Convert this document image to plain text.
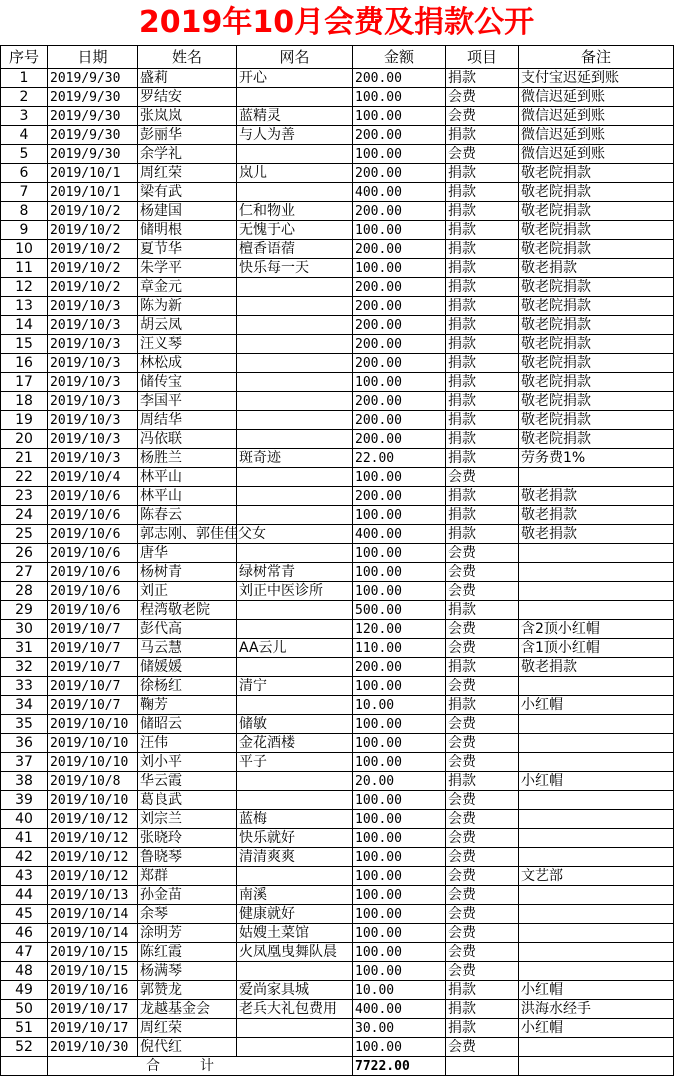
2019年10月会费及捐款公开
序号	日期	姓名	网名	金额	项目	备注
1	2019/9/30	盛莉	开心	200.00	捐款	支付宝迟延到账
2	2019/9/30	罗结安		100.00	会费	微信迟延到账
3	2019/9/30	张岚岚	蓝精灵	100.00	会费	微信迟延到账
4	2019/9/30	彭丽华	与人为善	200.00	捐款	微信迟延到账
5	2019/9/30	余学礼		100.00	会费	微信迟延到账
6	2019/10/1	周红荣	岚儿	200.00	捐款	敬老院捐款
7	2019/10/1	梁有武		400.00	捐款	敬老院捐款
8	2019/10/2	杨建国	仁和物业	200.00	捐款	敬老院捐款
9	2019/10/2	储明根	无愧于心	100.00	捐款	敬老院捐款
10	2019/10/2	夏节华	檀香语蓿	200.00	捐款	敬老院捐款
11	2019/10/2	朱学平	快乐每一天	100.00	捐款	敬老捐款
12	2019/10/2	章金元		200.00	捐款	敬老院捐款
13	2019/10/3	陈为新		200.00	捐款	敬老院捐款
14	2019/10/3	胡云凤		200.00	捐款	敬老院捐款
15	2019/10/3	汪义琴		200.00	捐款	敬老院捐款
16	2019/10/3	林松成		200.00	捐款	敬老院捐款
17	2019/10/3	储传宝		100.00	捐款	敬老院捐款
18	2019/10/3	李国平		200.00	捐款	敬老院捐款
19	2019/10/3	周结华		200.00	捐款	敬老院捐款
20	2019/10/3	冯依联		200.00	捐款	敬老院捐款
21	2019/10/3	杨胜兰	斑奇迹	22.00	捐款	劳务费1%
22	2019/10/4	林平山		100.00	会费	
23	2019/10/6	林平山		200.00	捐款	敬老捐款
24	2019/10/6	陈春云		100.00	捐款	敬老捐款
25	2019/10/6	郭志刚、郭佳佳父女		400.00	捐款	敬老捐款
26	2019/10/6	唐华		100.00	会费	
27	2019/10/6	杨树青	绿树常青	100.00	会费	
28	2019/10/6	刘正	刘正中医诊所	100.00	会费	
29	2019/10/6	程湾敬老院		500.00	捐款	
30	2019/10/7	彭代高		120.00	会费	含2顶小红帽
31	2019/10/7	马云慧	AA云儿	110.00	会费	含1顶小红帽
32	2019/10/7	储媛媛		200.00	捐款	敬老捐款
33	2019/10/7	徐杨红	清宁	100.00	会费	
34	2019/10/7	鞠芳		10.00	捐款	小红帽
35	2019/10/10	储昭云	储敏	100.00	会费	
36	2019/10/10	汪伟	金花酒楼	100.00	会费	
37	2019/10/10	刘小平	平子	100.00	会费	
38	2019/10/8	华云霞		20.00	捐款	小红帽
39	2019/10/10	葛良武		100.00	会费	
40	2019/10/12	刘宗兰	蓝梅	100.00	会费	
41	2019/10/12	张晓玲	快乐就好	100.00	会费	
42	2019/10/12	鲁晓琴	清清爽爽	100.00	会费	
43	2019/10/12	郑群		100.00	会费	文艺部
44	2019/10/13	孙金苗	南溪	100.00	会费	
45	2019/10/14	余琴	健康就好	100.00	会费	
46	2019/10/14	涂明芳	姑嫂土菜馆	100.00	会费	
47	2019/10/15	陈红霞	火凤凰曳舞队晨	100.00	会费	
48	2019/10/15	杨满琴		100.00	会费	
49	2019/10/16	郭赞龙	爱尚家具城	10.00	捐款	小红帽
50	2019/10/17	龙越基金会	老兵大礼包费用	400.00	捐款	洪海水经手
51	2019/10/17	周红荣		30.00	捐款	小红帽
52	2019/10/30	倪代红		100.00	会费	
	合计			7722.00		
